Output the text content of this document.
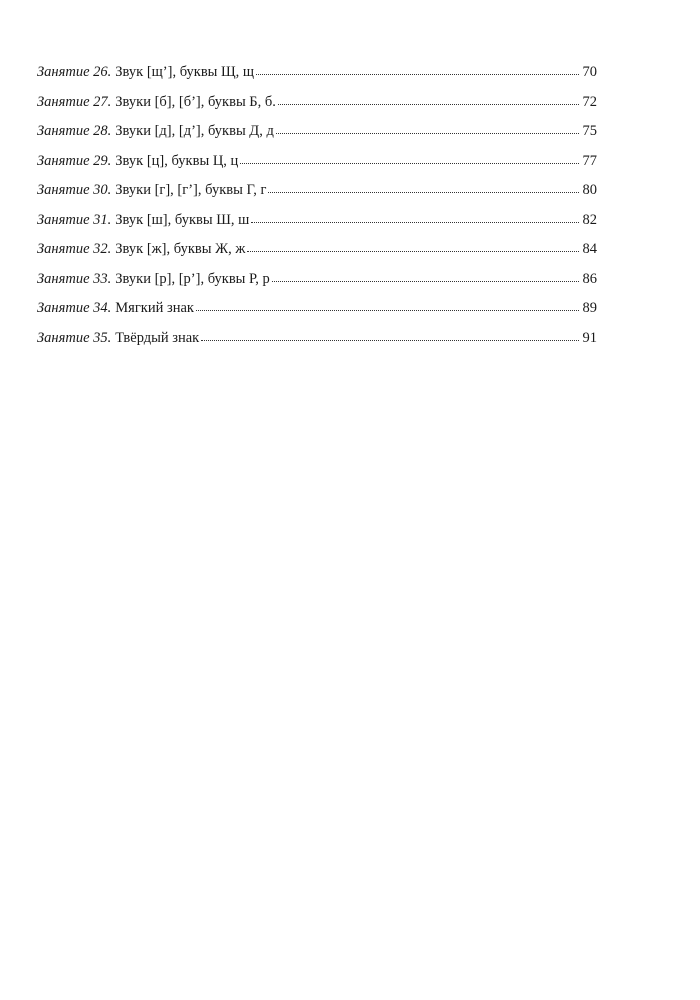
Занятие 26. Звук [щ’], буквы Щ, щ	70
Занятие 27. Звуки [б], [б’], буквы Б, б.	72
Занятие 28. Звуки [д], [д’], буквы Д, д	75
Занятие 29. Звук [ц], буквы Ц, ц	77
Занятие 30. Звуки [г], [г’], буквы Г, г	80
Занятие 31. Звук [ш], буквы Ш, ш	82
Занятие 32. Звук [ж], буквы Ж, ж	84
Занятие 33. Звуки [р], [р’], буквы Р, р	86
Занятие 34. Мягкий знак	89
Занятие 35. Твёрдый знак	91
